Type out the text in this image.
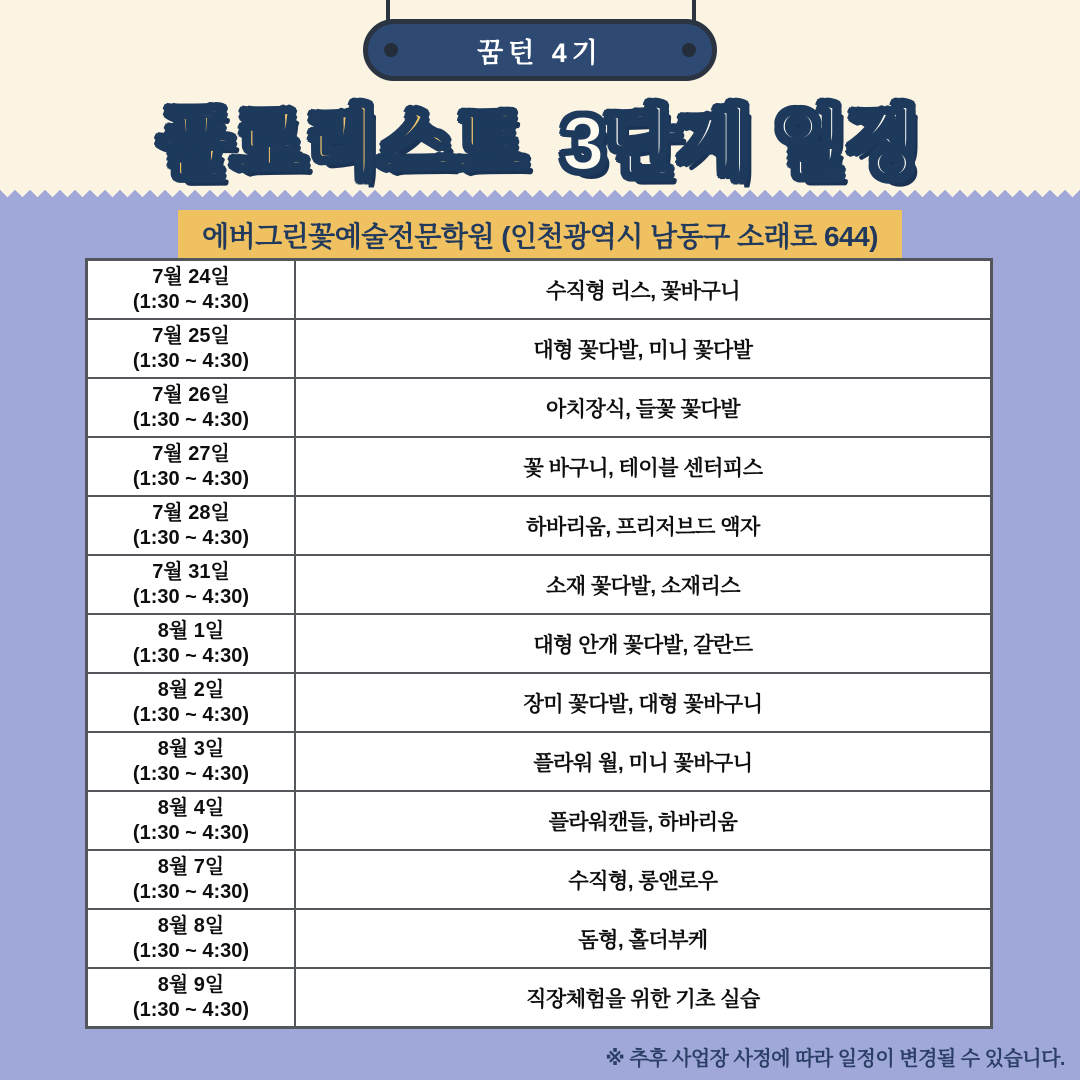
꿈턴 4기
플로리스트 3단계 일정
에버그린꽃예술전문학원 (인천광역시 남동구 소래로 644)
7월 24일
(1:30 ~ 4:30)	수직형 리스, 꽃바구니

7월 25일
(1:30 ~ 4:30)	대형 꽃다발, 미니 꽃다발

7월 26일
(1:30 ~ 4:30)	아치장식, 들꽃 꽃다발

7월 27일
(1:30 ~ 4:30)	꽃 바구니, 테이블 센터피스

7월 28일
(1:30 ~ 4:30)	하바리움, 프리저브드 액자

7월 31일
(1:30 ~ 4:30)	소재 꽃다발, 소재리스

8월 1일
(1:30 ~ 4:30)	대형 안개 꽃다발, 갈란드

8월 2일
(1:30 ~ 4:30)	장미 꽃다발, 대형 꽃바구니

8월 3일
(1:30 ~ 4:30)	플라워 월, 미니 꽃바구니

8월 4일
(1:30 ~ 4:30)	플라워캔들, 하바리움

8월 7일
(1:30 ~ 4:30)	수직형, 롱앤로우

8월 8일
(1:30 ~ 4:30)	돔형, 홀더부케

8월 9일
(1:30 ~ 4:30)	직장체험을 위한 기초 실습
※ 추후 사업장 사정에 따라 일정이 변경될 수 있습니다.
